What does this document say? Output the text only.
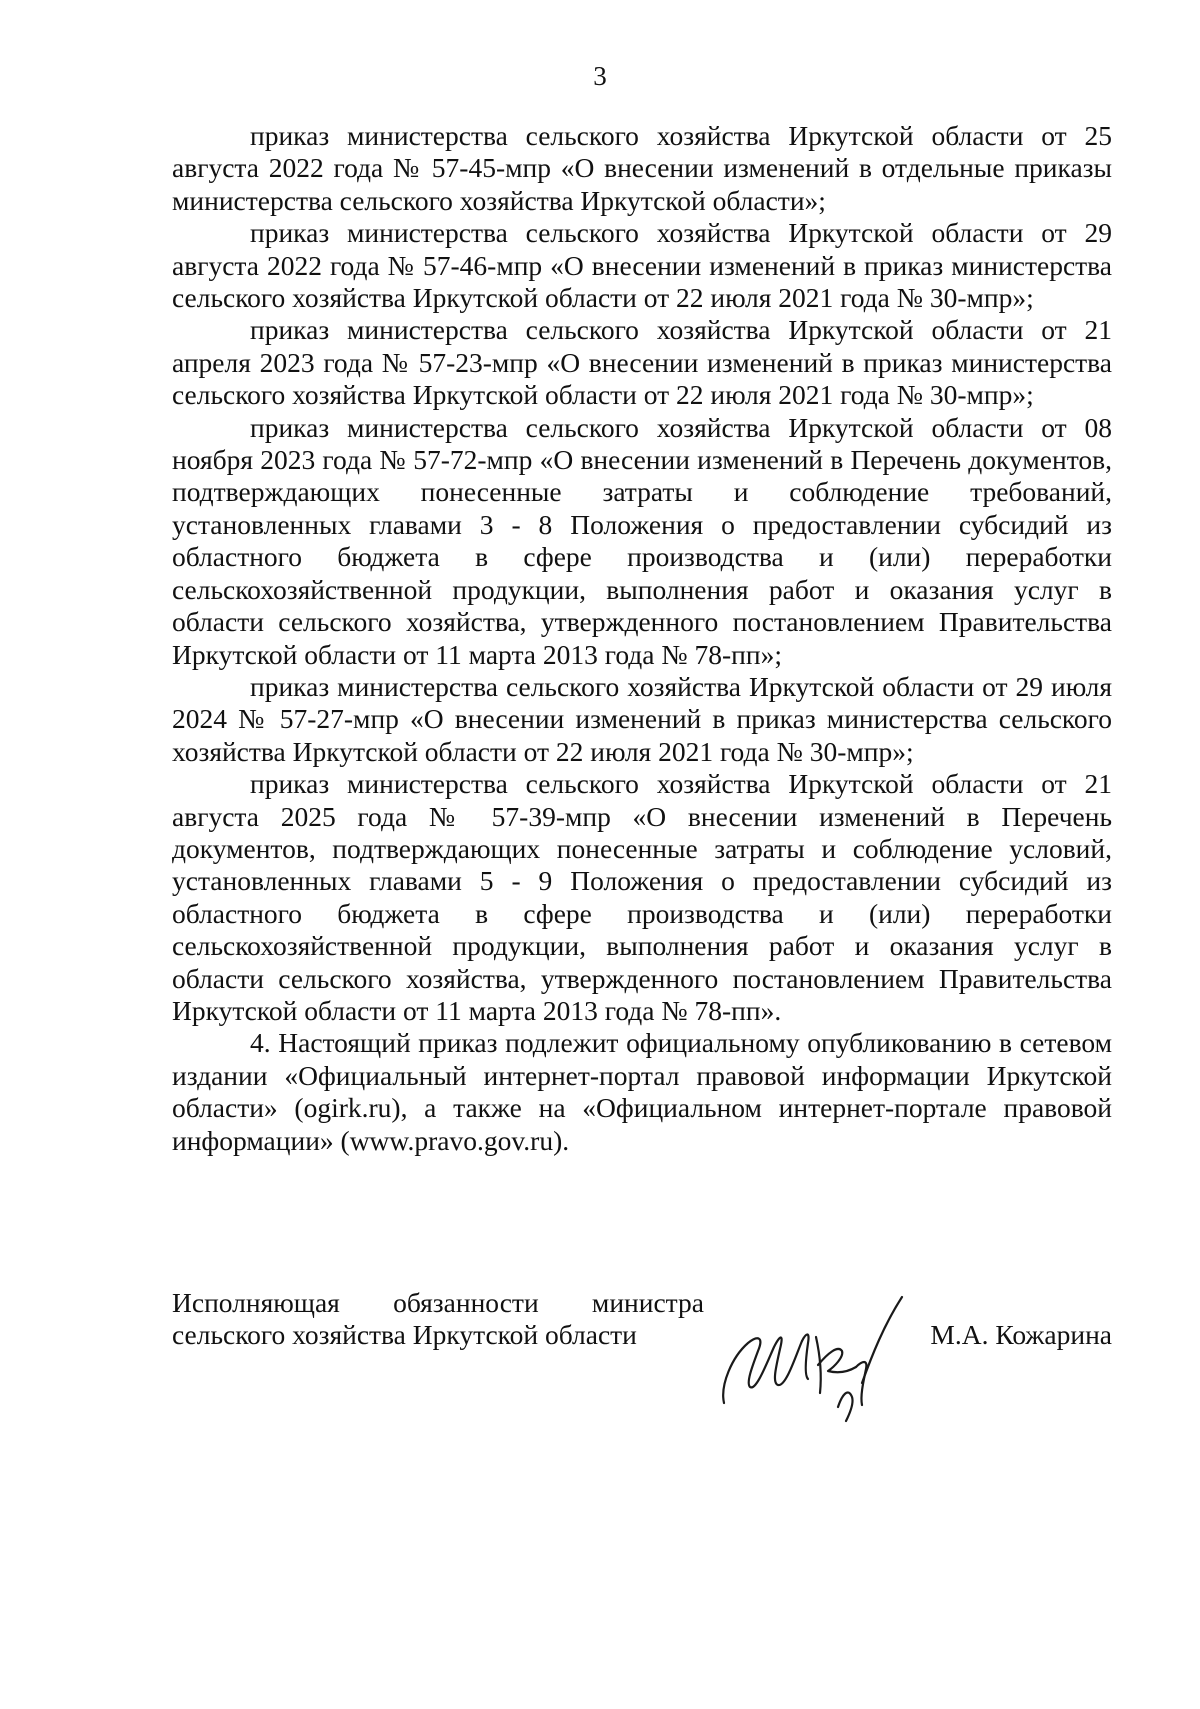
3

приказ министерства сельского хозяйства Иркутской области от 25 августа 2022 года № 57-45-мпр «О внесении изменений в отдельные приказы министерства сельского хозяйства Иркутской области»;

приказ министерства сельского хозяйства Иркутской области от 29 августа 2022 года № 57-46-мпр «О внесении изменений в приказ министерства сельского хозяйства Иркутской области от 22 июля 2021 года № 30-мпр»;

приказ министерства сельского хозяйства Иркутской области от 21 апреля 2023 года № 57-23-мпр «О внесении изменений в приказ министерства сельского хозяйства Иркутской области от 22 июля 2021 года № 30-мпр»;

приказ министерства сельского хозяйства Иркутской области от 08 ноября 2023 года № 57-72-мпр «О внесении изменений в Перечень документов, подтверждающих понесенные затраты и соблюдение требований, установленных главами 3 - 8 Положения о предоставлении субсидий из областного бюджета в сфере производства и (или) переработки сельскохозяйственной продукции, выполнения работ и оказания услуг в области сельского хозяйства, утвержденного постановлением Правительства Иркутской области от 11 марта 2013 года № 78-пп»;

приказ министерства сельского хозяйства Иркутской области от 29 июля 2024 № 57-27-мпр «О внесении изменений в приказ министерства сельского хозяйства Иркутской области от 22 июля 2021 года № 30-мпр»;

приказ министерства сельского хозяйства Иркутской области от 21 августа 2025 года № 57-39-мпр «О внесении изменений в Перечень документов, подтверждающих понесенные затраты и соблюдение условий, установленных главами 5 - 9 Положения о предоставлении субсидий из областного бюджета в сфере производства и (или) переработки сельскохозяйственной продукции, выполнения работ и оказания услуг в области сельского хозяйства, утвержденного постановлением Правительства Иркутской области от 11 марта 2013 года № 78-пп».

4. Настоящий приказ подлежит официальному опубликованию в сетевом издании «Официальный интернет-портал правовой информации Иркутской области» (ogirk.ru), а также на «Официальном интернет-портале правовой информации» (www.pravo.gov.ru).

Исполняющая обязанности министра
сельского хозяйства Иркутской области	М.А. Кожарина
